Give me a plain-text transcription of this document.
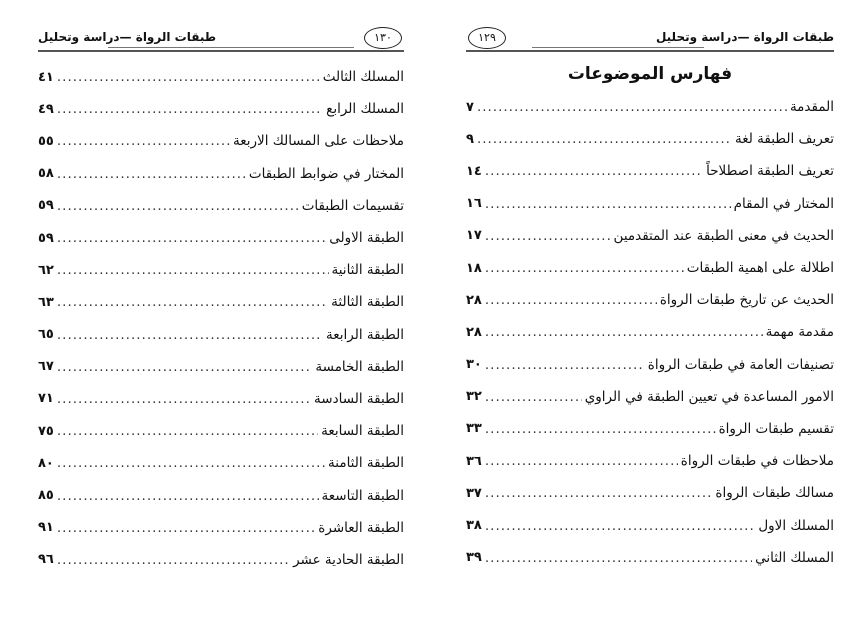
طبقات الرواة —دراسة وتحليل	١٣٠
المسلك الثالث
.....
٤١
المسلك الرابع
.....
٤٩
ملاحظات على المسالك الاربعة
.....
٥٥
المختار في ضوابط الطبقات
.....
٥٨
تقسيمات الطبقات
.....
٥٩
الطبقة الاولى
.....
٥٩
الطبقة الثانية
.....
٦٢
الطبقة الثالثة
.....
٦٣
الطبقة الرابعة
.....
٦٥
الطبقة الخامسة
.....
٦٧
الطبقة السادسة
.....
٧١
الطبقة السابعة
.....
٧٥
الطبقة الثامنة
.....
٨٠
الطبقة التاسعة
.....
٨٥
الطبقة العاشرة
.....
٩١
الطبقة الحادية عشر
.....
٩٦
طبقات الرواة —دراسة وتحليل
١٢٩
فهارس الموضوعات
المقدمة
.....
٧
تعريف الطبقة لغة
.....
٩
تعريف الطبقة اصطلاحاً
.....
١٤
المختار في المقام
.....
١٦
الحديث في معنى الطبقة عند المتقدمين
.....
١٧
اطلالة على اهمية الطبقات
.....
١٨
الحديث عن تاريخ طبقات الرواة
.....
٢٨
مقدمة مهمة
.....
٢٨
تصنيفات العامة في طبقات الرواة
.....
٣٠
الامور المساعدة في تعيين الطبقة في الراوي
.....
٣٢
تقسيم طبقات الرواة
.....
٣٣
ملاحظات في طبقات الرواة
.....
٣٦
مسالك طبقات الرواة
.....
٣٧
المسلك الاول
.....
٣٨
المسلك الثاني
.....
٣٩
